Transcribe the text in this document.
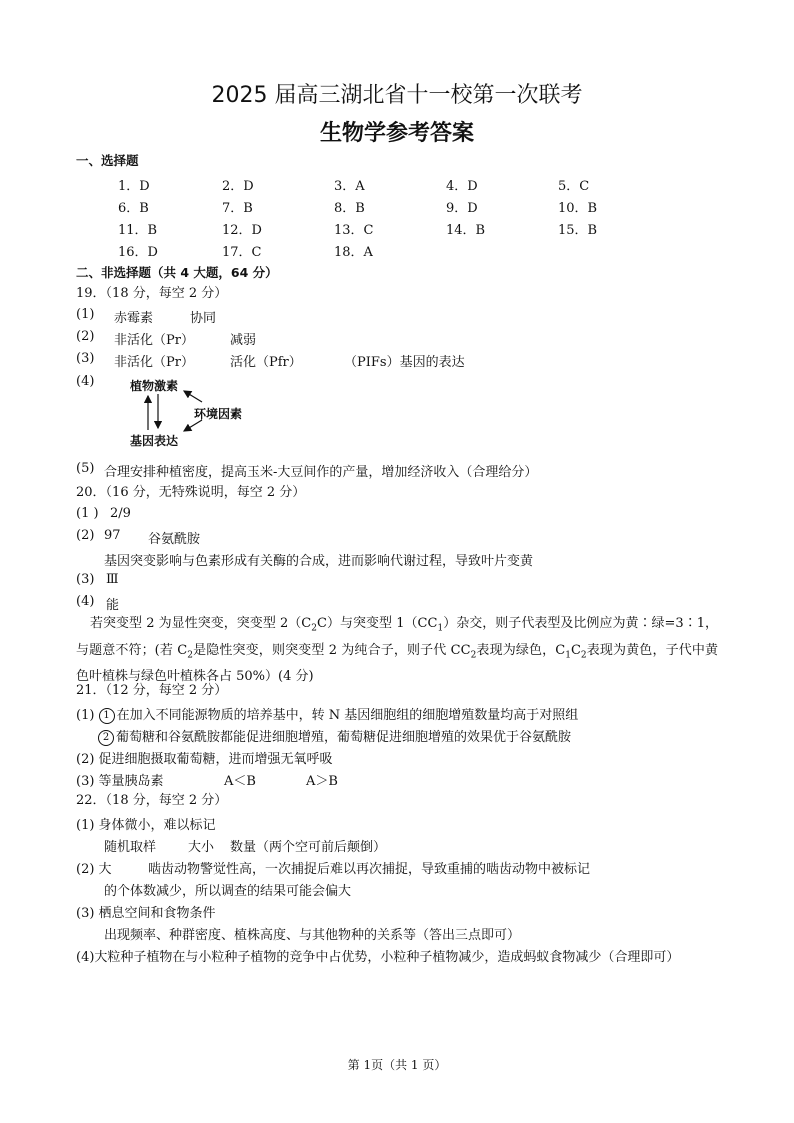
2025 届高三湖北省十一校第一次联考
生物学参考答案
一、选择题
1．D	2．D	3．A	4．D	5．C
6．B	7．B	8．B	9．D	10．B
11．B	12．D	13．C	14．B	15．B
16．D	17．C	18．A
二、非选择题（共 4 大题，64 分）
19．（18 分，每空 2 分）
(1) 赤霉素	协同
(2) 非活化（Pr）	减弱
(3) 非活化（Pr）	活化（Pfr）	（PIFs）基因的表达
(4)	植物激素
环境因素
基因表达
(5) 合理安排种植密度，提高玉米-大豆间作的产量，增加经济收入（合理给分）
20．（16 分，无特殊说明，每空 2 分）
(1 ) 2/9
(2) 97 谷氨酰胺
基因突变影响与色素形成有关酶的合成，进而影响代谢过程，导致叶片变黄
(3) Ⅲ
(4) 能
若突变型 2 为显性突变，突变型 $2(C_2C)$与突变型 $1(CC_1)$杂交，则子代表型及比例应为黄∶绿=3∶1，与题意不符；(若 $C_2$是隐性突变，则突变型 2 为纯合子，则子代 $CC_2$表现为绿色，$C_1C_2$表现为黄色，子代中黄色叶植株与绿色叶植株各占 50%）(4 分)
21．（12 分，每空 2 分）
(1) 1 在加入不同能源物质的培养基中，转 N 基因细胞组的细胞增殖数量均高于对照组
2 葡萄糖和谷氨酰胺都能促进细胞增殖，葡萄糖促进细胞增殖的效果优于谷氨酰胺
(2) 促进细胞摄取葡萄糖，进而增强无氧呼吸
(3) 等量胰岛素	A＜B	A＞B
22．（18 分，每空 2 分）
(1) 身体微小，难以标记
随机取样 大小 数量（两个空可前后颠倒）
(2) 大	啮齿动物警觉性高，一次捕捉后难以再次捕捉，导致重捕的啮齿动物中被标记
的个体数减少，所以调查的结果可能会偏大
(3) 栖息空间和食物条件
出现频率、种群密度、植株高度、与其他物种的关系等（答出三点即可）
(4)大粒种子植物在与小粒种子植物的竞争中占优势，小粒种子植物减少，造成蚂蚁食物减少（合理即可）
第 1页（共 1 页）
